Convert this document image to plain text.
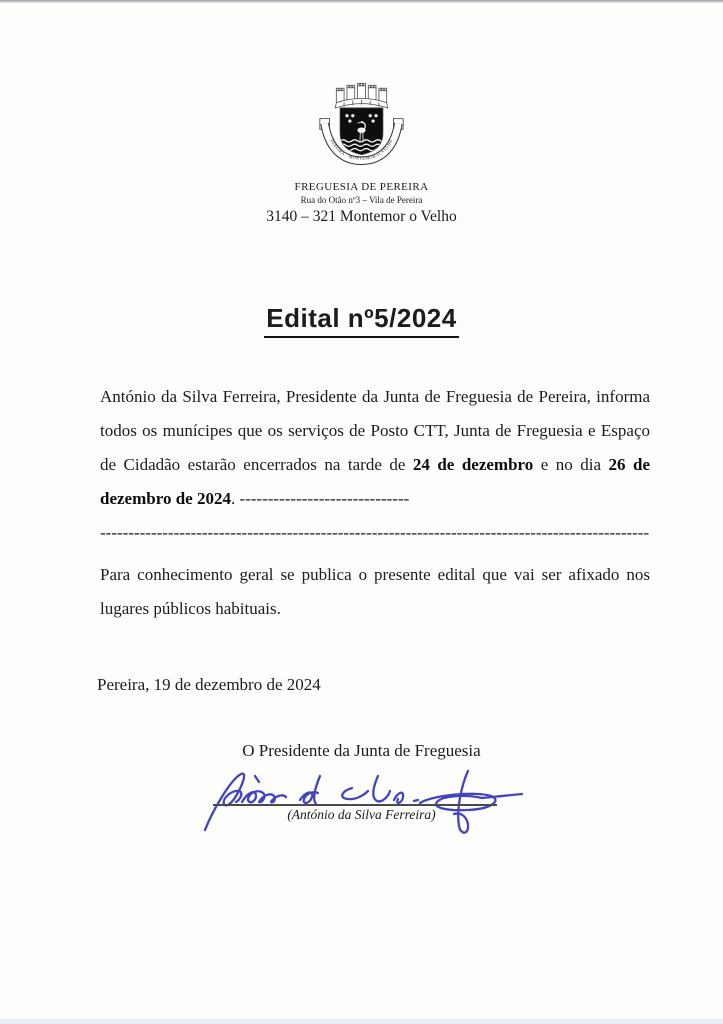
PEREIRA · MONTEMOR-O-VELHO
FREGUESIA DE PEREIRA
Rua do Otão nº3 – Vila de Pereira
3140 – 321 Montemor o Velho
Edital nº5/2024

António da Silva Ferreira, Presidente da Junta de Freguesia de Pereira, informa todos os munícipes que os serviços de Posto CTT, Junta de Freguesia e Espaço de Cidadão estarão encerrados na tarde de 24 de dezembro e no dia 26 de dezembro de 2024. ------------------------------

-------------------------------------------------------------------------------------------------

Para conhecimento geral se publica o presente edital que vai ser afixado nos lugares públicos habituais.

Pereira, 19 de dezembro de 2024
O Presidente da Junta de Freguesia
(António da Silva Ferreira)
